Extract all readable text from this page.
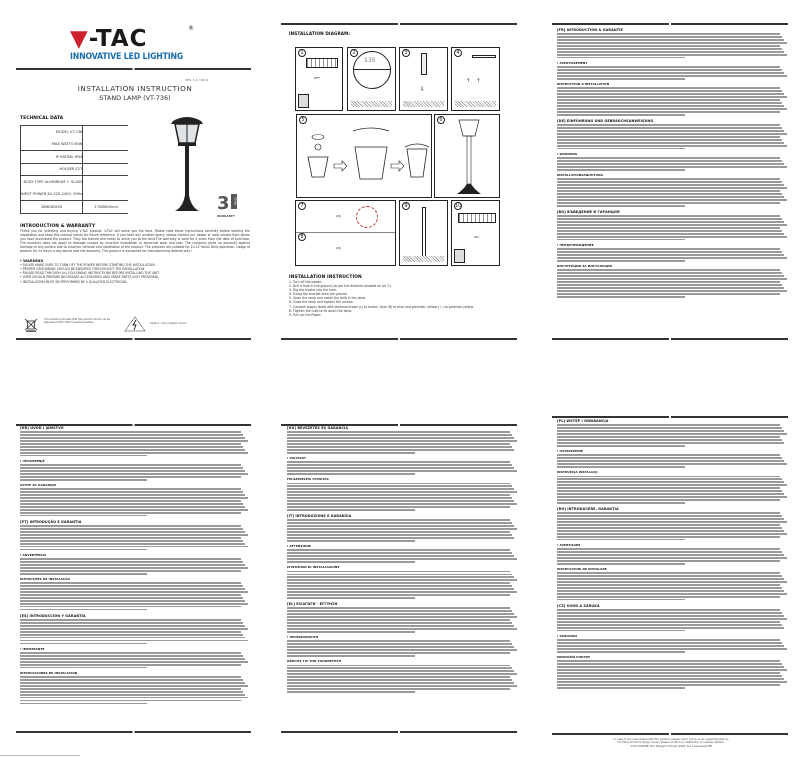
▼-TAC	®
INNOVATIVE LED LIGHTING
VER. 1.0 / 2019
INSTALLATION INSTRUCTION
STAND LAMP (VT-736)
TECHNICAL DATA
MODEL VT-736	
MAX WATTS 60W	
IP RATING IP44	
HOLDER E27	
BODY TYPE ALUMINIUM + GLASS	
INPUT POWER AC:220-240V, 50Hz	
DIMENSION	170Ø600mm	3 YEARS
WARRANTY
INTRODUCTION & WARRANTY
Thank you for selecting and buying V-TAC product. V-TAC will serve you the best. Please read these instructions carefully before starting the installation and keep this manual handy for future reference. If you have any another query, please contact our dealer or local vendor from whom you have purchased the product. They are trained and ready to serve you at the best.The warranty is valid for 3 years from the date of purchase. The warranty does not apply to damage caused by incorrect installation or abnormal wear and tear. The company gives no warranty against damage to any surface due to incorrect removal and installation of the product. The products are suitable for 10-12 Hours Daily operation. Usage of product for 24 Hours a day would void the warranty. This product is warranted for manufacturing defects only.!
! WARNING
• PLEASE MAKE SURE TO TURN OFF THE POWER BEFORE STARTING THE INSTALLATION.
• PROPER GROUNDING SHOULD BE ENSURED THROUGHOUT THE INSTALLATION.
• PLEASE READ THROUGH ALL FOLLOWING INSTRUCTIONS BEFORE INSTALLING THE UNIT.
• USER SHOULD PREPARE NECESSARY ACCESSORIES AND SPARE PARTS (NOT PROVIDED).
• INSTALLATION MUST BE PERFORMED BY A QUALIFIED ELECTRICIAN.
This marking indicates that this product should not be disposed of with other household wastes.	Caution , risk of electric shock.
INSTALLATION DIAGRAM:
1
OFF
2
135
3
⇩
4
↑↑
5	6
7
8
⇨
⇨
9	10
ON
INSTALLATION INSTRUCTION
1. Turn off the power.
2. Drill a hole in the ground (as per the distance showed on pic 2).
3. Dig the plastic into the hole.
4. Fixing the bracket onto the ground.
5. Open the lamp and install the bulb in the lamp.
6. Close the lamp and tighten the screws.
7. Connect supply leads with terminal brown (L) to brown, blue (N) to blue and greenish- yellow (⏚) to greenish-yellow.
8. Tighten the nuts to fix down the lamp.
9. Turn on the Power.
[FR] INTRODUCTION & GARANTIE
! AVERTISSEMENT
INSTRUCTION D'INSTALLATION
[DE] EINFÜHRUNG UND GEBRAUCHSANWEISUNG
! WARNUNG
INSTALLATIONSANLEITUNG
[BG] ВЪВЕДЕНИЕ И ГАРАНЦИЯ
! ПРЕДУПРЕЖДЕНИЕ
ИНСТРУКЦИИ ЗА ИНСТАЛАЦИЯ
[HR] UVOD I JAMSTVO
! UPOZORENJE
UPUTE ZA UGRADNJU
[PT] INTRODUÇÃO E GARANTIA
! ADVERTÊNCIA
INSTRUÇÕES DE INSTALAÇÃO
[ES] INTRODUCCIÓN Y GARANTÍA
! IMPORTANTE
INSTRUCCIONES DE INSTALACIÓN
[HU] BEVEZETÉS ÉS GARANCIA
! VIGYÁZAT
FELSZERELÉSI UTASÍTÁS
[IT] INTRODUZIONE E GARANZIA
! ATTENZIONE
ISTRUZIONI DI INSTALLAZIONE
[EL] ΕΙΣΑΓΩΓΗ - ΕΓΓΥΗΣΗ
! ΠΡΟΕΙΔΟΠΟΙΗΣΗ
ΟΔΗΓΙΕΣ ΓΙΑ ΤΗΝ ΤΟΠΟΘΕΤΗΣΗ
[PL] WSTĘP I GWARANCJA
! OSTRZEŻENIE
INSTRUKCJA INSTALACJI
[RO] INTRODUCERE, GARANȚIA
! AVERTIZARE
INSTRUCȚIUNI DE INSTALARE
[CZ] ÚVOD A ZÁRUKA
! VAROVÁNÍ
MONTÁŽNÍ POKYNY
In case of any query/issue with the product, please reach out to us at: support@v-tac.eu
For More products range, inquiry please contact our distributor or nearest dealers.
V-TAC EUROPE LTD. Bulgaria, Plovdiv 4000, bul.L.Karavelow 9B
